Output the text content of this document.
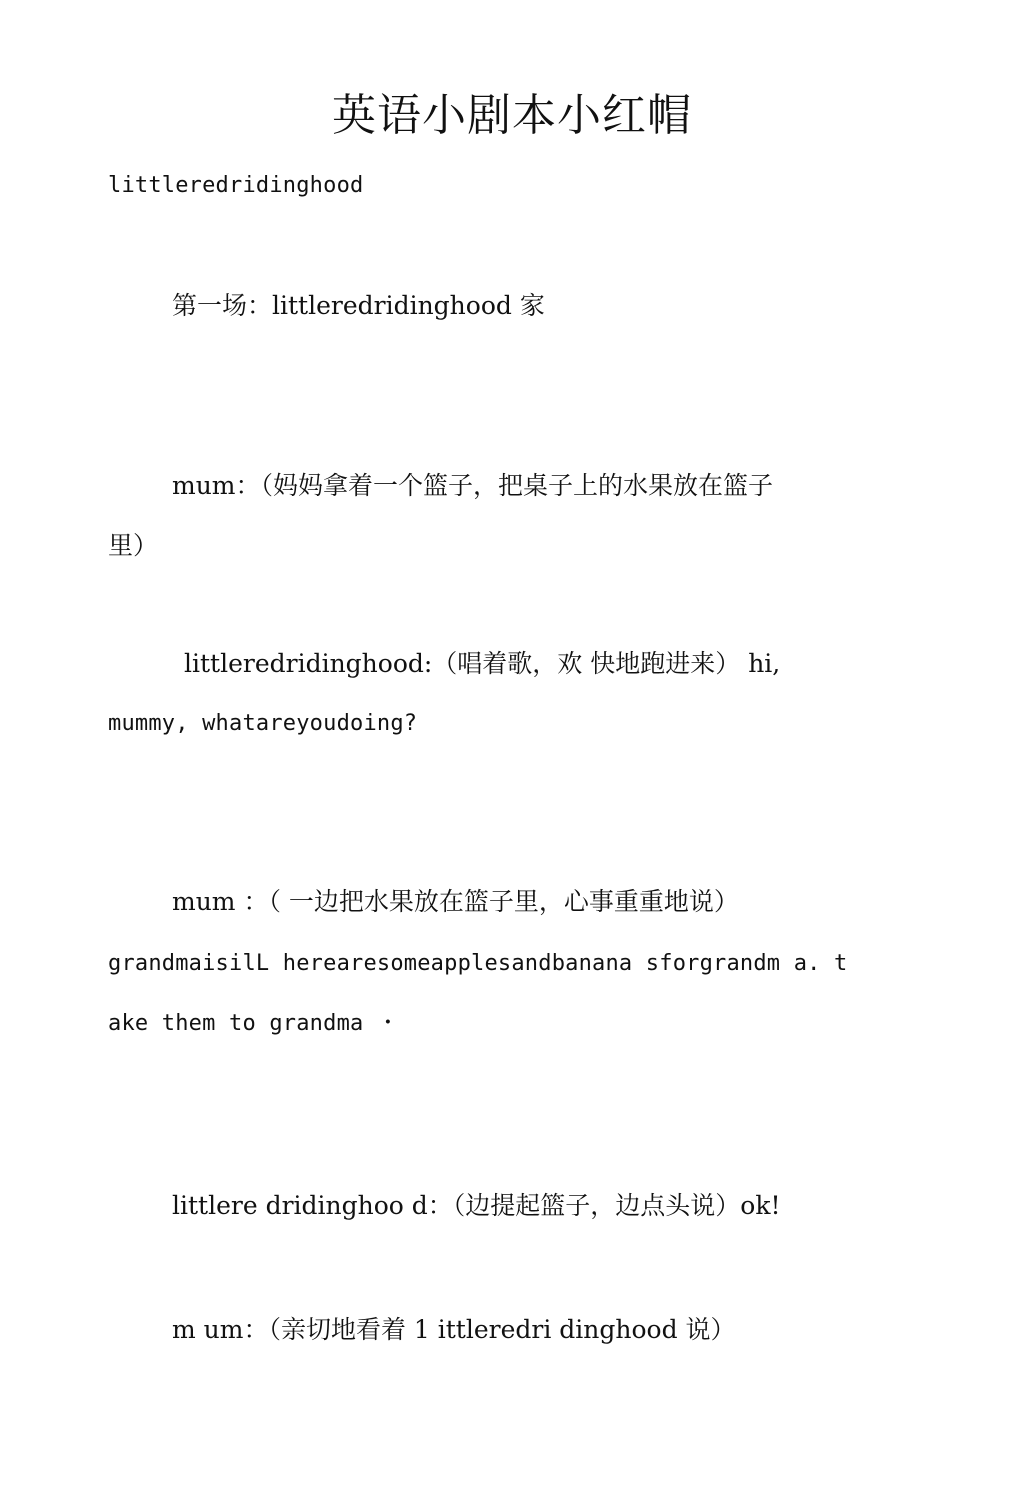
英语小剧本小红帽
littleredridinghood
第一场：littleredridinghood 家
mum：（妈妈拿着一个篮子，把桌子上的水果放在篮子
里）
littleredridinghood:（唱着歌，欢 快地跑进来） hi,
mummy, whatareyoudoing?
mum ：（ 一边把水果放在篮子里，心事重重地说）
grandmaisilL herearesomeapplesandbanana sforgrandm a. t
ake them to grandma ・
littlere dridinghoo d：（边提起篮子，边点头说）ok!
m um：（亲切地看着 1 ittleredri dinghood 说）
